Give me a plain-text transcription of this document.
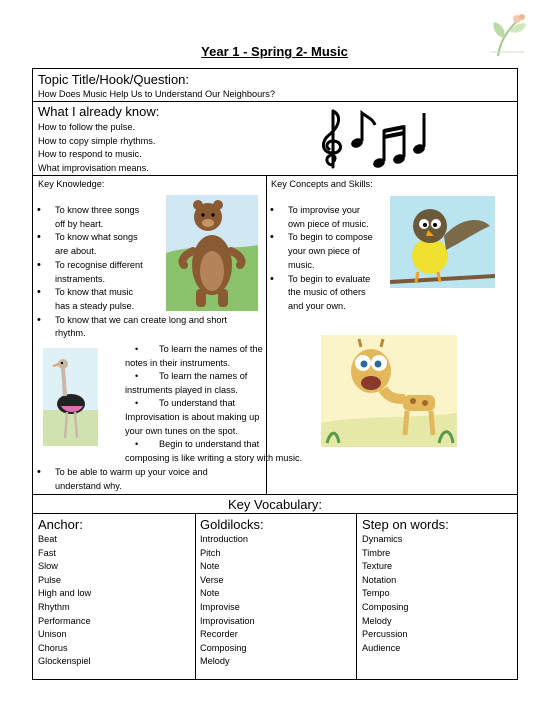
Year 1 - Spring 2- Music
Topic Title/Hook/Question:
How Does Music Help Us to Understand Our Neighbours?
What I already know:
How to follow the pulse.
How to copy simple rhythms.
How to respond to music.
What improvisation means.
Key Knowledge:
• To know three songs
off by heart.
• To know what songs
are about.
• To recognise different
instraments.
• To know that music
has a steady pulse.
• To know that we can create long and short
rhythm.
• To learn the names of the
notes in their instruments.
• To learn the names of
instruments played in class.
• To understand that
Improvisation is about making up
your own tunes on the spot.
• Begin to understand that
composing is like writing a story with music.
• To be able to warm up your voice and
understand why.
Key Concepts and Skills:
• To improvise your
own piece of music.
• To begin to compose
your own piece of
music.
• To begin to evaluate
the music of others
and your own.
Key Vocabulary:
Anchor:
Beat
Fast
Slow
Pulse
High and low
Rhythm
Performance
Unison
Chorus
Glockenspiel
Goldilocks:
Introduction
Pitch
Note
Verse
Note
Improvise
Improvisation
Recorder
Composing
Melody
Step on words:
Dynamics
Timbre
Texture
Notation
Tempo
Composing
Melody
Percussion
Audience
